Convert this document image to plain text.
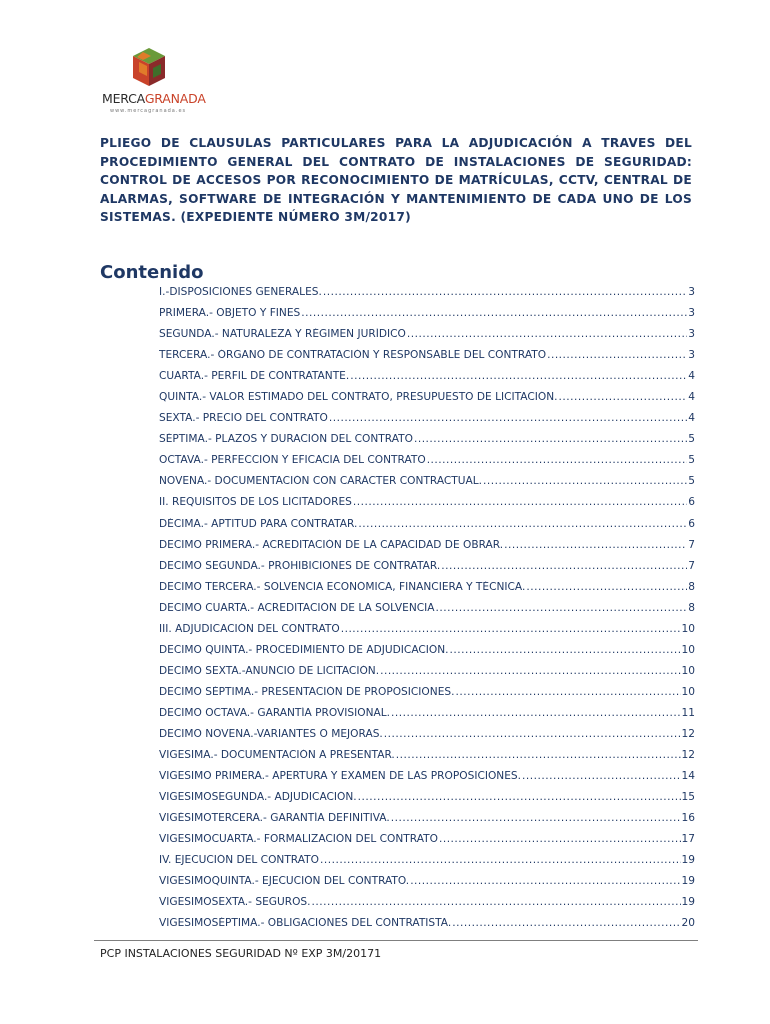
MERCAGRANADA
www.mercagranada.es
PLIEGO DE CLAUSULAS PARTICULARES PARA LA ADJUDICACIÓN A TRAVES DEL PROCEDIMIENTO GENERAL DEL CONTRATO DE INSTALACIONES DE SEGURIDAD: CONTROL DE ACCESOS POR RECONOCIMIENTO DE MATRÍCULAS, CCTV, CENTRAL DE ALARMAS, SOFTWARE DE INTEGRACIÓN Y MANTENIMIENTO DE CADA UNO DE LOS SISTEMAS. (EXPEDIENTE NÚMERO 3M/2017)
Contenido
I.-DISPOSICIONES GENERALES. .....	3
PRIMERA.- OBJETO Y FINES .....	3
SEGUNDA.- NATURALEZA Y RÉGIMEN JURÍDICO .....	3
TERCERA.- ÓRGANO DE CONTRATACIÓN Y RESPONSABLE DEL CONTRATO .....	3
CUARTA.- PERFIL DE CONTRATANTE. .....	4
QUINTA.- VALOR ESTIMADO DEL CONTRATO, PRESUPUESTO DE LICITACIÓN. .....	4
SEXTA.- PRECIO DEL CONTRATO .....	4
SÉPTIMA.- PLAZOS Y DURACIÓN DEL CONTRATO .....	5
OCTAVA.- PERFECCIÓN Y EFICACIA DEL CONTRATO .....	5
NOVENA.- DOCUMENTACIÓN CON CARÁCTER CONTRACTUAL. .....	5
II. REQUISITOS DE LOS LICITADORES .....	6
DÉCIMA.- APTITUD PARA CONTRATAR. .....	6
DECIMO PRIMERA.- ACREDITACIÓN DE LA CAPACIDAD DE OBRAR. .....	7
DECIMO SEGUNDA.- PROHIBICIONES DE CONTRATAR. .....	7
DECIMO TERCERA.- SOLVENCIA ECONÓMICA, FINANCIERA Y TÉCNICA. .....	8
DECIMO CUARTA.- ACREDITACIÓN DE LA SOLVENCIA .....	8
III. ADJUDICACIÓN DEL CONTRATO .....	10
DECIMO QUINTA.- PROCEDIMIENTO DE ADJUDICACIÓN. .....	10
DECIMO SEXTA.-ANUNCIO DE LICITACIÓN. .....	10
DECIMO SÉPTIMA.- PRESENTACIÓN DE PROPOSICIONES. .....	10
DECIMO OCTAVA.- GARANTÍA PROVISIONAL. .....	11
DECIMO NOVENA.-VARIANTES O MEJORAS. .....	12
VIGESIMA.- DOCUMENTACIÓN A PRESENTAR. .....	12
VIGESIMO PRIMERA.- APERTURA Y EXAMEN DE LAS PROPOSICIONES. .....	14
VIGESIMOSEGUNDA.- ADJUDICACIÓN. .....	15
VIGÉSIMOTERCERA.- GARANTÍA DEFINITIVA. .....	16
VIGESIMOCUARTA.- FORMALIZACIÓN DEL CONTRATO .....	17
IV. EJECUCIÓN DEL CONTRATO .....	19
VIGESIMOQUINTA.- EJECUCIÓN DEL CONTRATO. .....	19
VIGESIMOSEXTA.- SEGUROS. .....	19
VIGESIMOSÉPTIMA.- OBLIGACIONES DEL CONTRATISTA. .....	20
PCP INSTALACIONES SEGURIDAD Nº EXP 3M/20171
